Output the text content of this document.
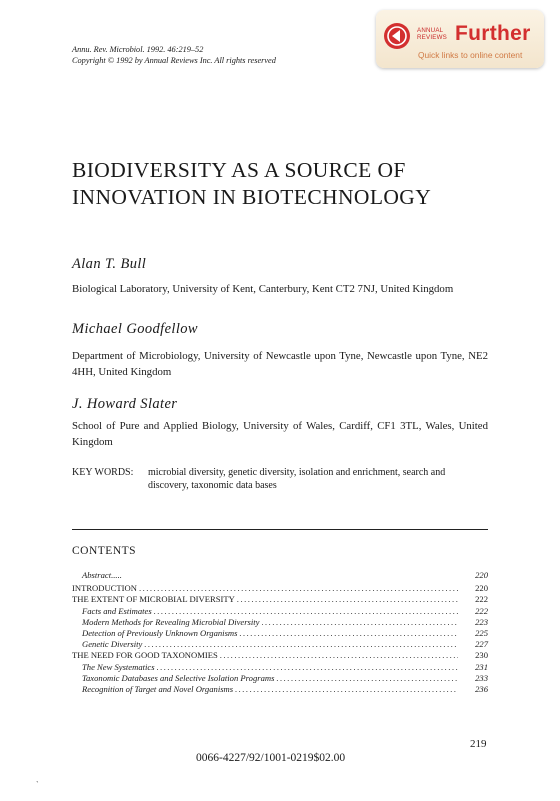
Annu. Rev. Microbiol. 1992. 46:219–52
Copyright © 1992 by Annual Reviews Inc. All rights reserved
ANNUAL
REVIEWS Further
Quick links to online content
BIODIVERSITY AS A SOURCE OF
INNOVATION IN BIOTECHNOLOGY
Alan T. Bull
Biological Laboratory, University of Kent, Canterbury, Kent CT2 7NJ, United Kingdom
Michael Goodfellow
Department of Microbiology, University of Newcastle upon Tyne, Newcastle upon Tyne, NE2 4HH, United Kingdom
J. Howard Slater
School of Pure and Applied Biology, University of Wales, Cardiff, CF1 3TL, Wales, United Kingdom
KEY WORDS:	microbial diversity, genetic diversity, isolation and enrichment, search and discovery, taxonomic data bases
CONTENTS
Abstract.....	220
INTRODUCTION .....	220
THE EXTENT OF MICROBIAL DIVERSITY .....	222
Facts and Estimates .....	222
Modern Methods for Revealing Microbial Diversity .....	223
Detection of Previously Unknown Organisms .....	225
Genetic Diversity .....	227
THE NEED FOR GOOD TAXONOMIES .....	230
The New Systematics .....	231
Taxonomic Databases and Selective Isolation Programs .....	233
Recognition of Target and Novel Organisms .....	236
219
0066-4227/92/1001-0219$02.00
`
